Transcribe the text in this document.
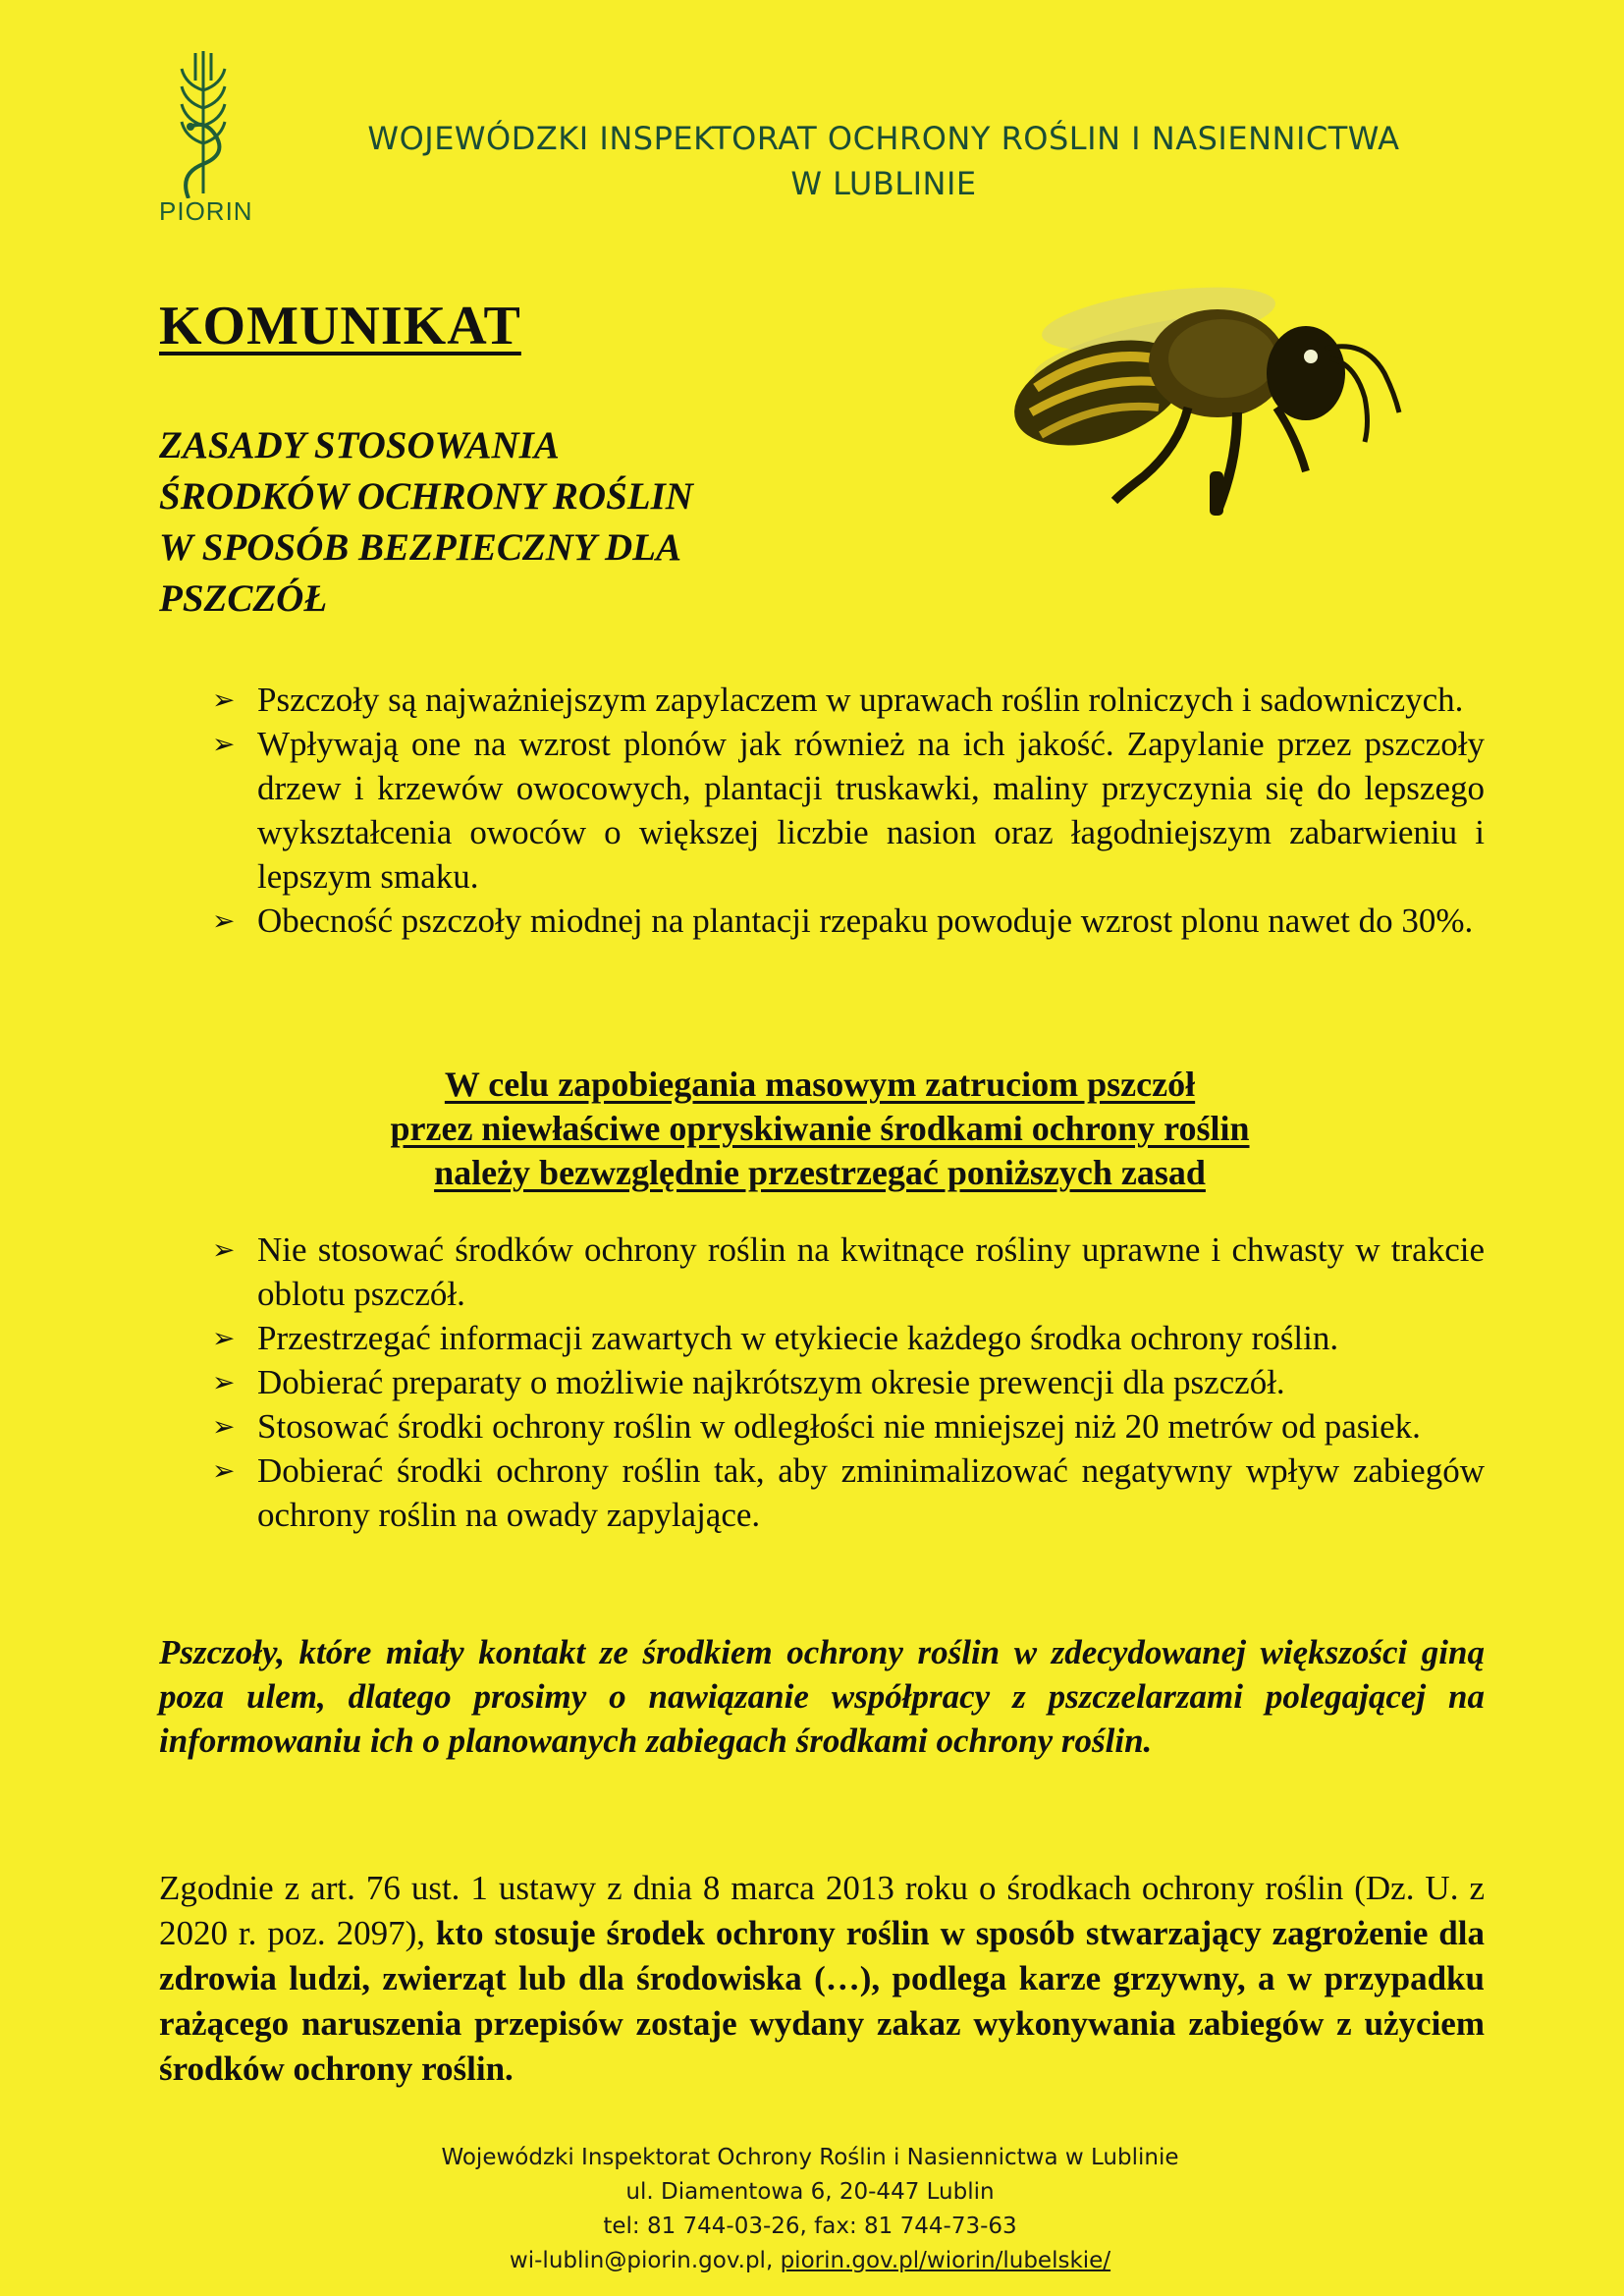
PIORIN
WOJEWÓDZKI INSPEKTORAT OCHRONY ROŚLIN I NASIENNICTWA
W LUBLINIE
KOMUNIKAT
ZASADY STOSOWANIA
ŚRODKÓW OCHRONY ROŚLIN
W SPOSÓB BEZPIECZNY DLA
PSZCZÓŁ
➢ Pszczoły są najważniejszym zapylaczem w uprawach roślin rolniczych i sadowniczych.
➢ Wpływają one na wzrost plonów jak również na ich jakość. Zapylanie przez pszczoły drzew i krzewów owocowych, plantacji truskawki, maliny przyczynia się do lepszego wykształcenia owoców o większej liczbie nasion oraz łagodniejszym zabarwieniu i lepszym smaku.
➢ Obecność pszczoły miodnej na plantacji rzepaku powoduje wzrost plonu nawet do 30%.
W celu zapobiegania masowym zatruciom pszczół
przez niewłaściwe opryskiwanie środkami ochrony roślin
należy bezwzględnie przestrzegać poniższych zasad
➢ Nie stosować środków ochrony roślin na kwitnące rośliny uprawne i chwasty w trakcie oblotu pszczół.
➢ Przestrzegać informacji zawartych w etykiecie każdego środka ochrony roślin.
➢ Dobierać preparaty o możliwie najkrótszym okresie prewencji dla pszczół.
➢ Stosować środki ochrony roślin w odległości nie mniejszej niż 20 metrów od pasiek.
➢ Dobierać środki ochrony roślin tak, aby zminimalizować negatywny wpływ zabiegów ochrony roślin na owady zapylające.
Pszczoły, które miały kontakt ze środkiem ochrony roślin w zdecydowanej większości giną poza ulem, dlatego prosimy o nawiązanie współpracy z pszczelarzami polegającej na informowaniu ich o planowanych zabiegach środkami ochrony roślin.
Zgodnie z art. 76 ust. 1 ustawy z dnia 8 marca 2013 roku o środkach ochrony roślin (Dz. U. z 2020 r. poz. 2097), kto stosuje środek ochrony roślin w sposób stwarzający zagrożenie dla zdrowia ludzi, zwierząt lub dla środowiska (…), podlega karze grzywny, a w przypadku rażącego naruszenia przepisów zostaje wydany zakaz wykonywania zabiegów z użyciem środków ochrony roślin.
Wojewódzki Inspektorat Ochrony Roślin i Nasiennictwa w Lublinie
ul. Diamentowa 6, 20-447 Lublin
tel: 81 744-03-26, fax: 81 744-73-63
wi-lublin@piorin.gov.pl, piorin.gov.pl/wiorin/lubelskie/
